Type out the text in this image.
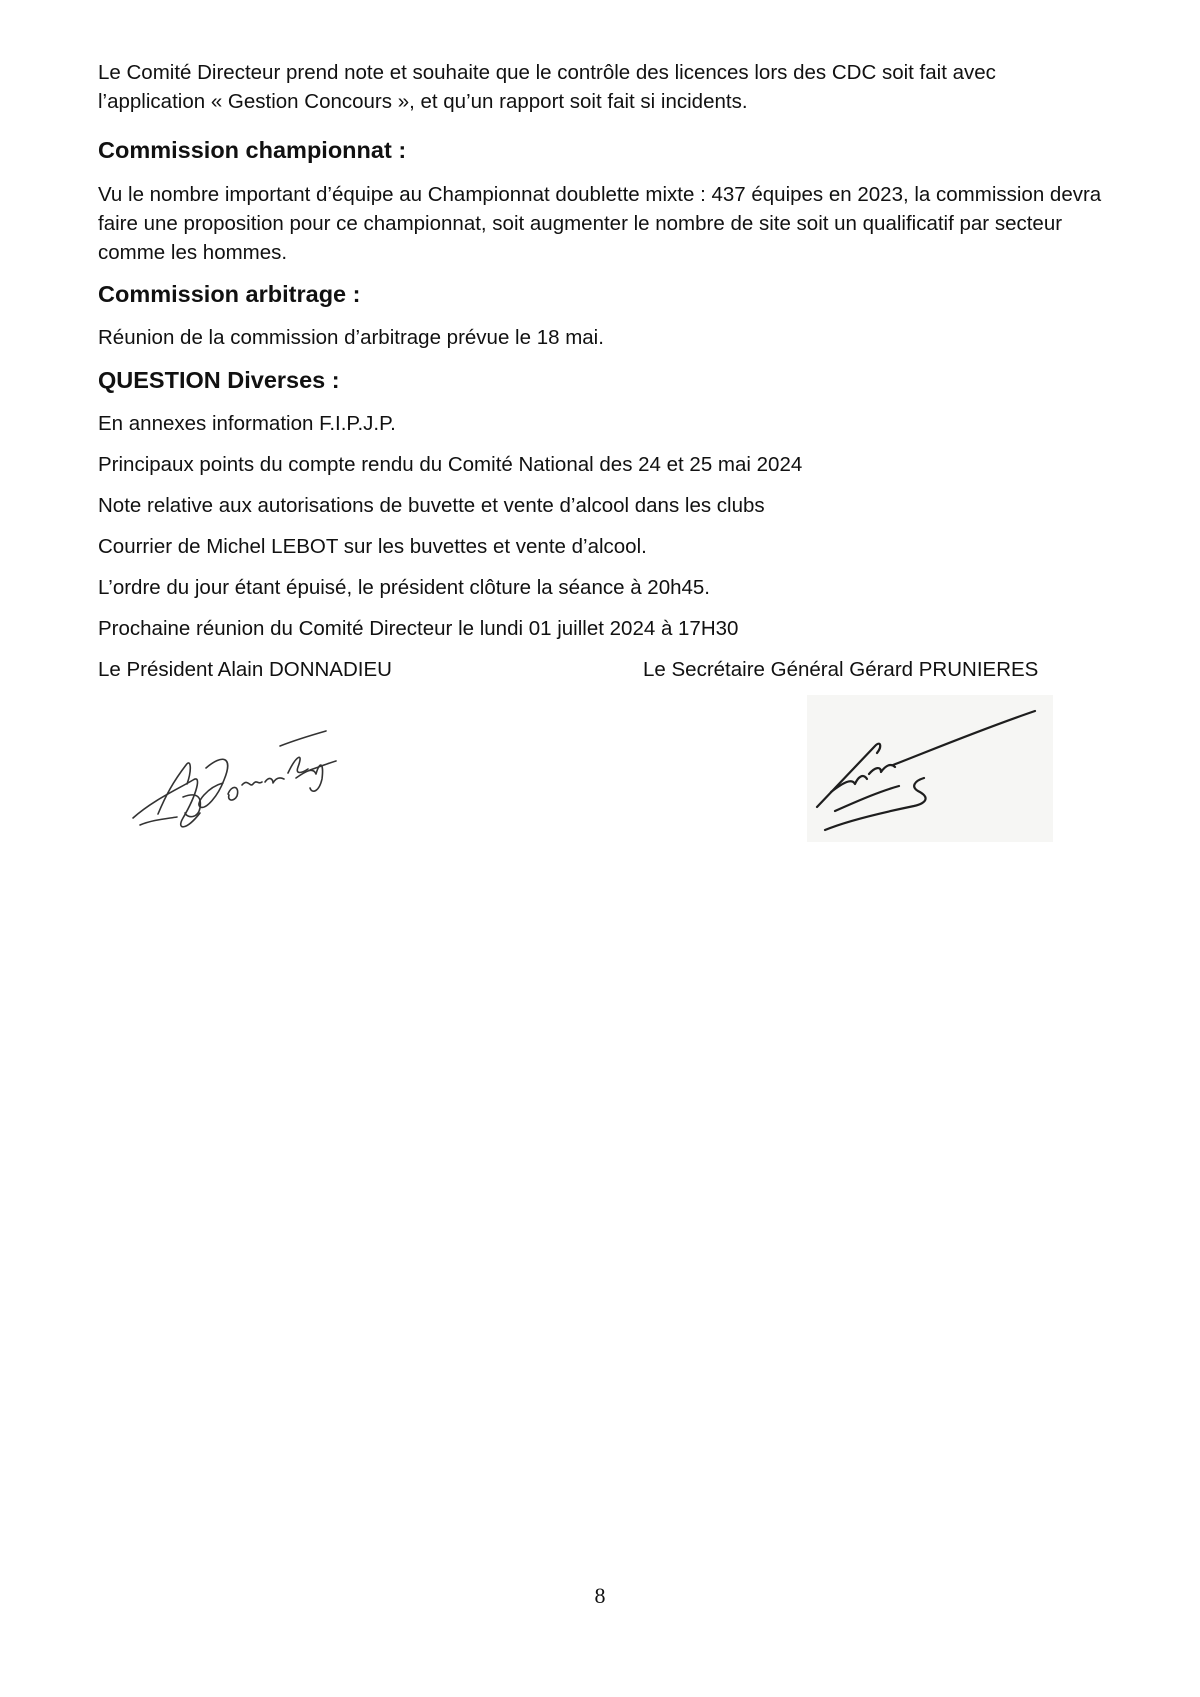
Le Comité Directeur prend note et souhaite que le contrôle des licences lors des CDC soit fait avec l’application « Gestion Concours », et qu’un rapport soit fait si incidents.

Commission championnat :

Vu le nombre important d’équipe au Championnat doublette mixte : 437 équipes en 2023, la commission devra faire une proposition pour ce championnat, soit augmenter le nombre de site soit un qualificatif par secteur comme les hommes.

Commission arbitrage :

Réunion de la commission d’arbitrage prévue le 18 mai.

QUESTION Diverses :

En annexes information F.I.P.J.P.

Principaux points du compte rendu du Comité National des 24 et 25 mai 2024

Note relative aux autorisations de buvette et vente d’alcool dans les clubs

Courrier de Michel LEBOT sur les buvettes et vente d’alcool.

L’ordre du jour étant épuisé, le président clôture la séance à 20h45.

Prochaine réunion du Comité Directeur le lundi 01 juillet 2024 à 17H30

Le Président Alain DONNADIEU	Le Secrétaire Général Gérard PRUNIERES
8
